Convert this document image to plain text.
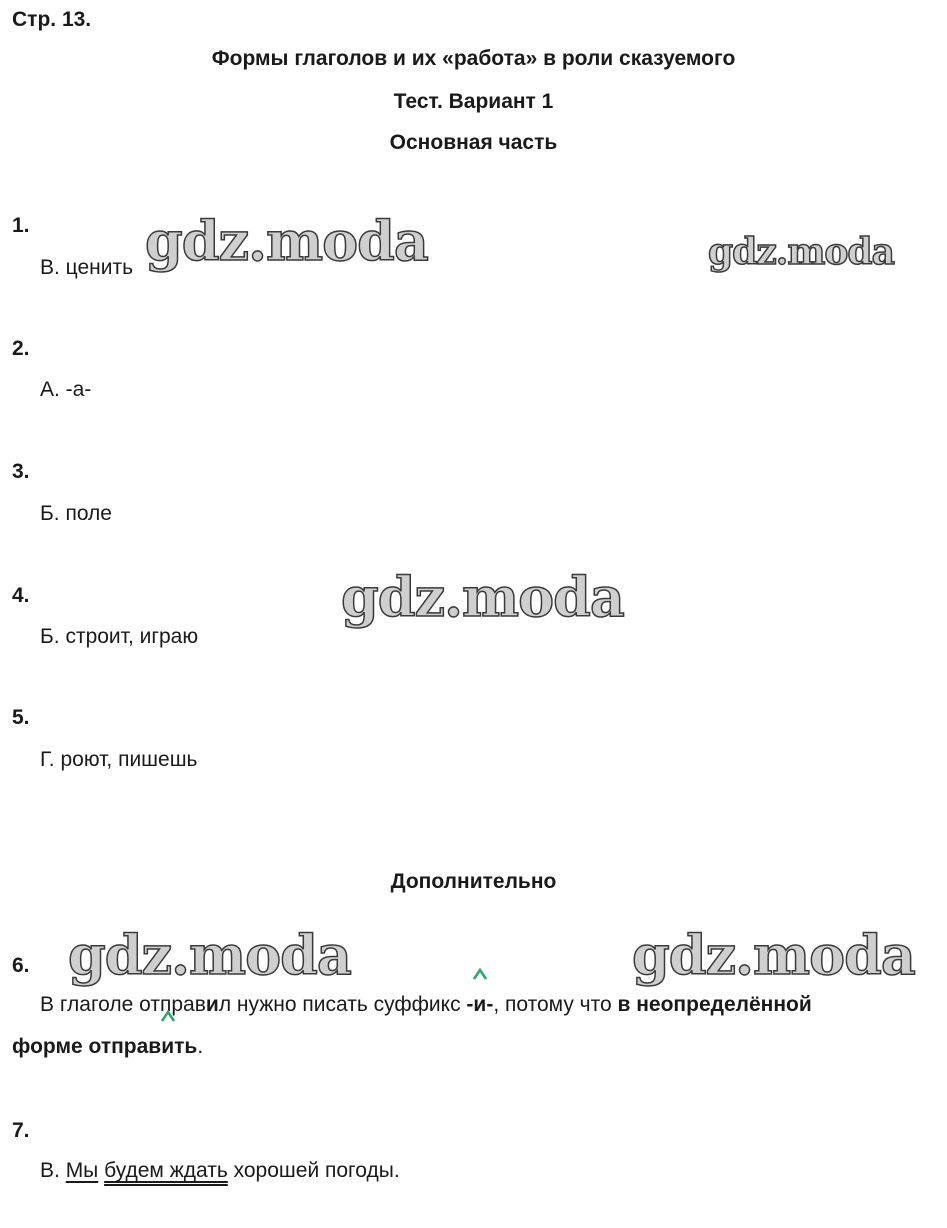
Стр. 13.
Формы глаголов и их «работа» в роли сказуемого
Тест. Вариант 1
Основная часть
1.
В. ценить
2.
А. -а-
3.
Б. поле
4.
Б. строит, играю
5.
Г. роют, пишешь
Дополнительно
6.
В глаголе отправил нужно писать суффикс -и-
, потому что в неопределённой
форме отправи
ть.
7.
В. Мы будем ждать хорошей погоды.
gdz.moda	gdz.moda
gdz.moda
gdz.moda	gdz.moda
